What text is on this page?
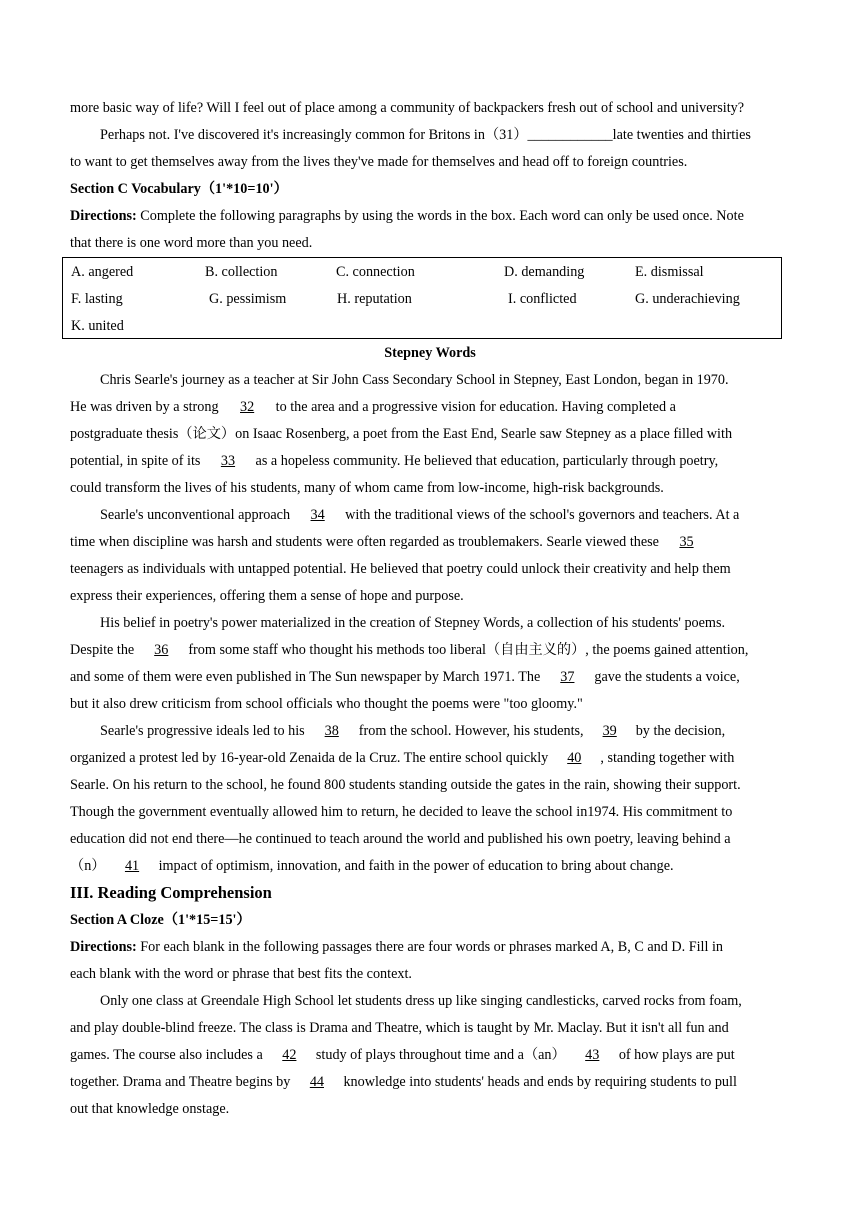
more basic way of life? Will I feel out of place among a community of backpackers fresh out of school and university?
Perhaps not. I've discovered it's increasingly common for Britons in（31）____________late twenties and thirties
to want to get themselves away from the lives they've made for themselves and head off to foreign countries.
Section C Vocabulary（1'*10=10'）
Directions: Complete the following paragraphs by using the words in the box. Each word can only be used once. Note
that there is one word more than you need.
A. angered	B. collection	C. connection	D. demanding	E. dismissal
F. lasting	G. pessimism	H. reputation	I. conflicted	G. underachieving
K. united
Stepney Words
Chris Searle's journey as a teacher at Sir John Cass Secondary School in Stepney, East London, began in 1970.
He was driven by a strong 32 to the area and a progressive vision for education. Having completed a
postgraduate thesis（论文）on Isaac Rosenberg, a poet from the East End, Searle saw Stepney as a place filled with
potential, in spite of its 33 as a hopeless community. He believed that education, particularly through poetry,
could transform the lives of his students, many of whom came from low-income, high-risk backgrounds.
Searle's unconventional approach 34 with the traditional views of the school's governors and teachers. At a
time when discipline was harsh and students were often regarded as troublemakers. Searle viewed these 35
teenagers as individuals with untapped potential. He believed that poetry could unlock their creativity and help them
express their experiences, offering them a sense of hope and purpose.
His belief in poetry's power materialized in the creation of Stepney Words, a collection of his students' poems.
Despite the 36 from some staff who thought his methods too liberal（自由主义的）, the poems gained attention,
and some of them were even published in The Sun newspaper by March 1971. The 37 gave the students a voice,
but it also drew criticism from school officials who thought the poems were "too gloomy."
Searle's progressive ideals led to his 38 from the school. However, his students, 39 by the decision,
organized a protest led by 16-year-old Zenaida de la Cruz. The entire school quickly 40 , standing together with
Searle. On his return to the school, he found 800 students standing outside the gates in the rain, showing their support.
Though the government eventually allowed him to return, he decided to leave the school in1974. His commitment to
education did not end there—he continued to teach around the world and published his own poetry, leaving behind a
（n） 41 impact of optimism, innovation, and faith in the power of education to bring about change.
III. Reading Comprehension
Section A Cloze（1'*15=15'）
Directions: For each blank in the following passages there are four words or phrases marked A, B, C and D. Fill in
each blank with the word or phrase that best fits the context.
Only one class at Greendale High School let students dress up like singing candlesticks, carved rocks from foam,
and play double-blind freeze. The class is Drama and Theatre, which is taught by Mr. Maclay. But it isn't all fun and
games. The course also includes a 42 study of plays throughout time and a（an） 43 of how plays are put
together. Drama and Theatre begins by 44 knowledge into students' heads and ends by requiring students to pull
out that knowledge onstage.
